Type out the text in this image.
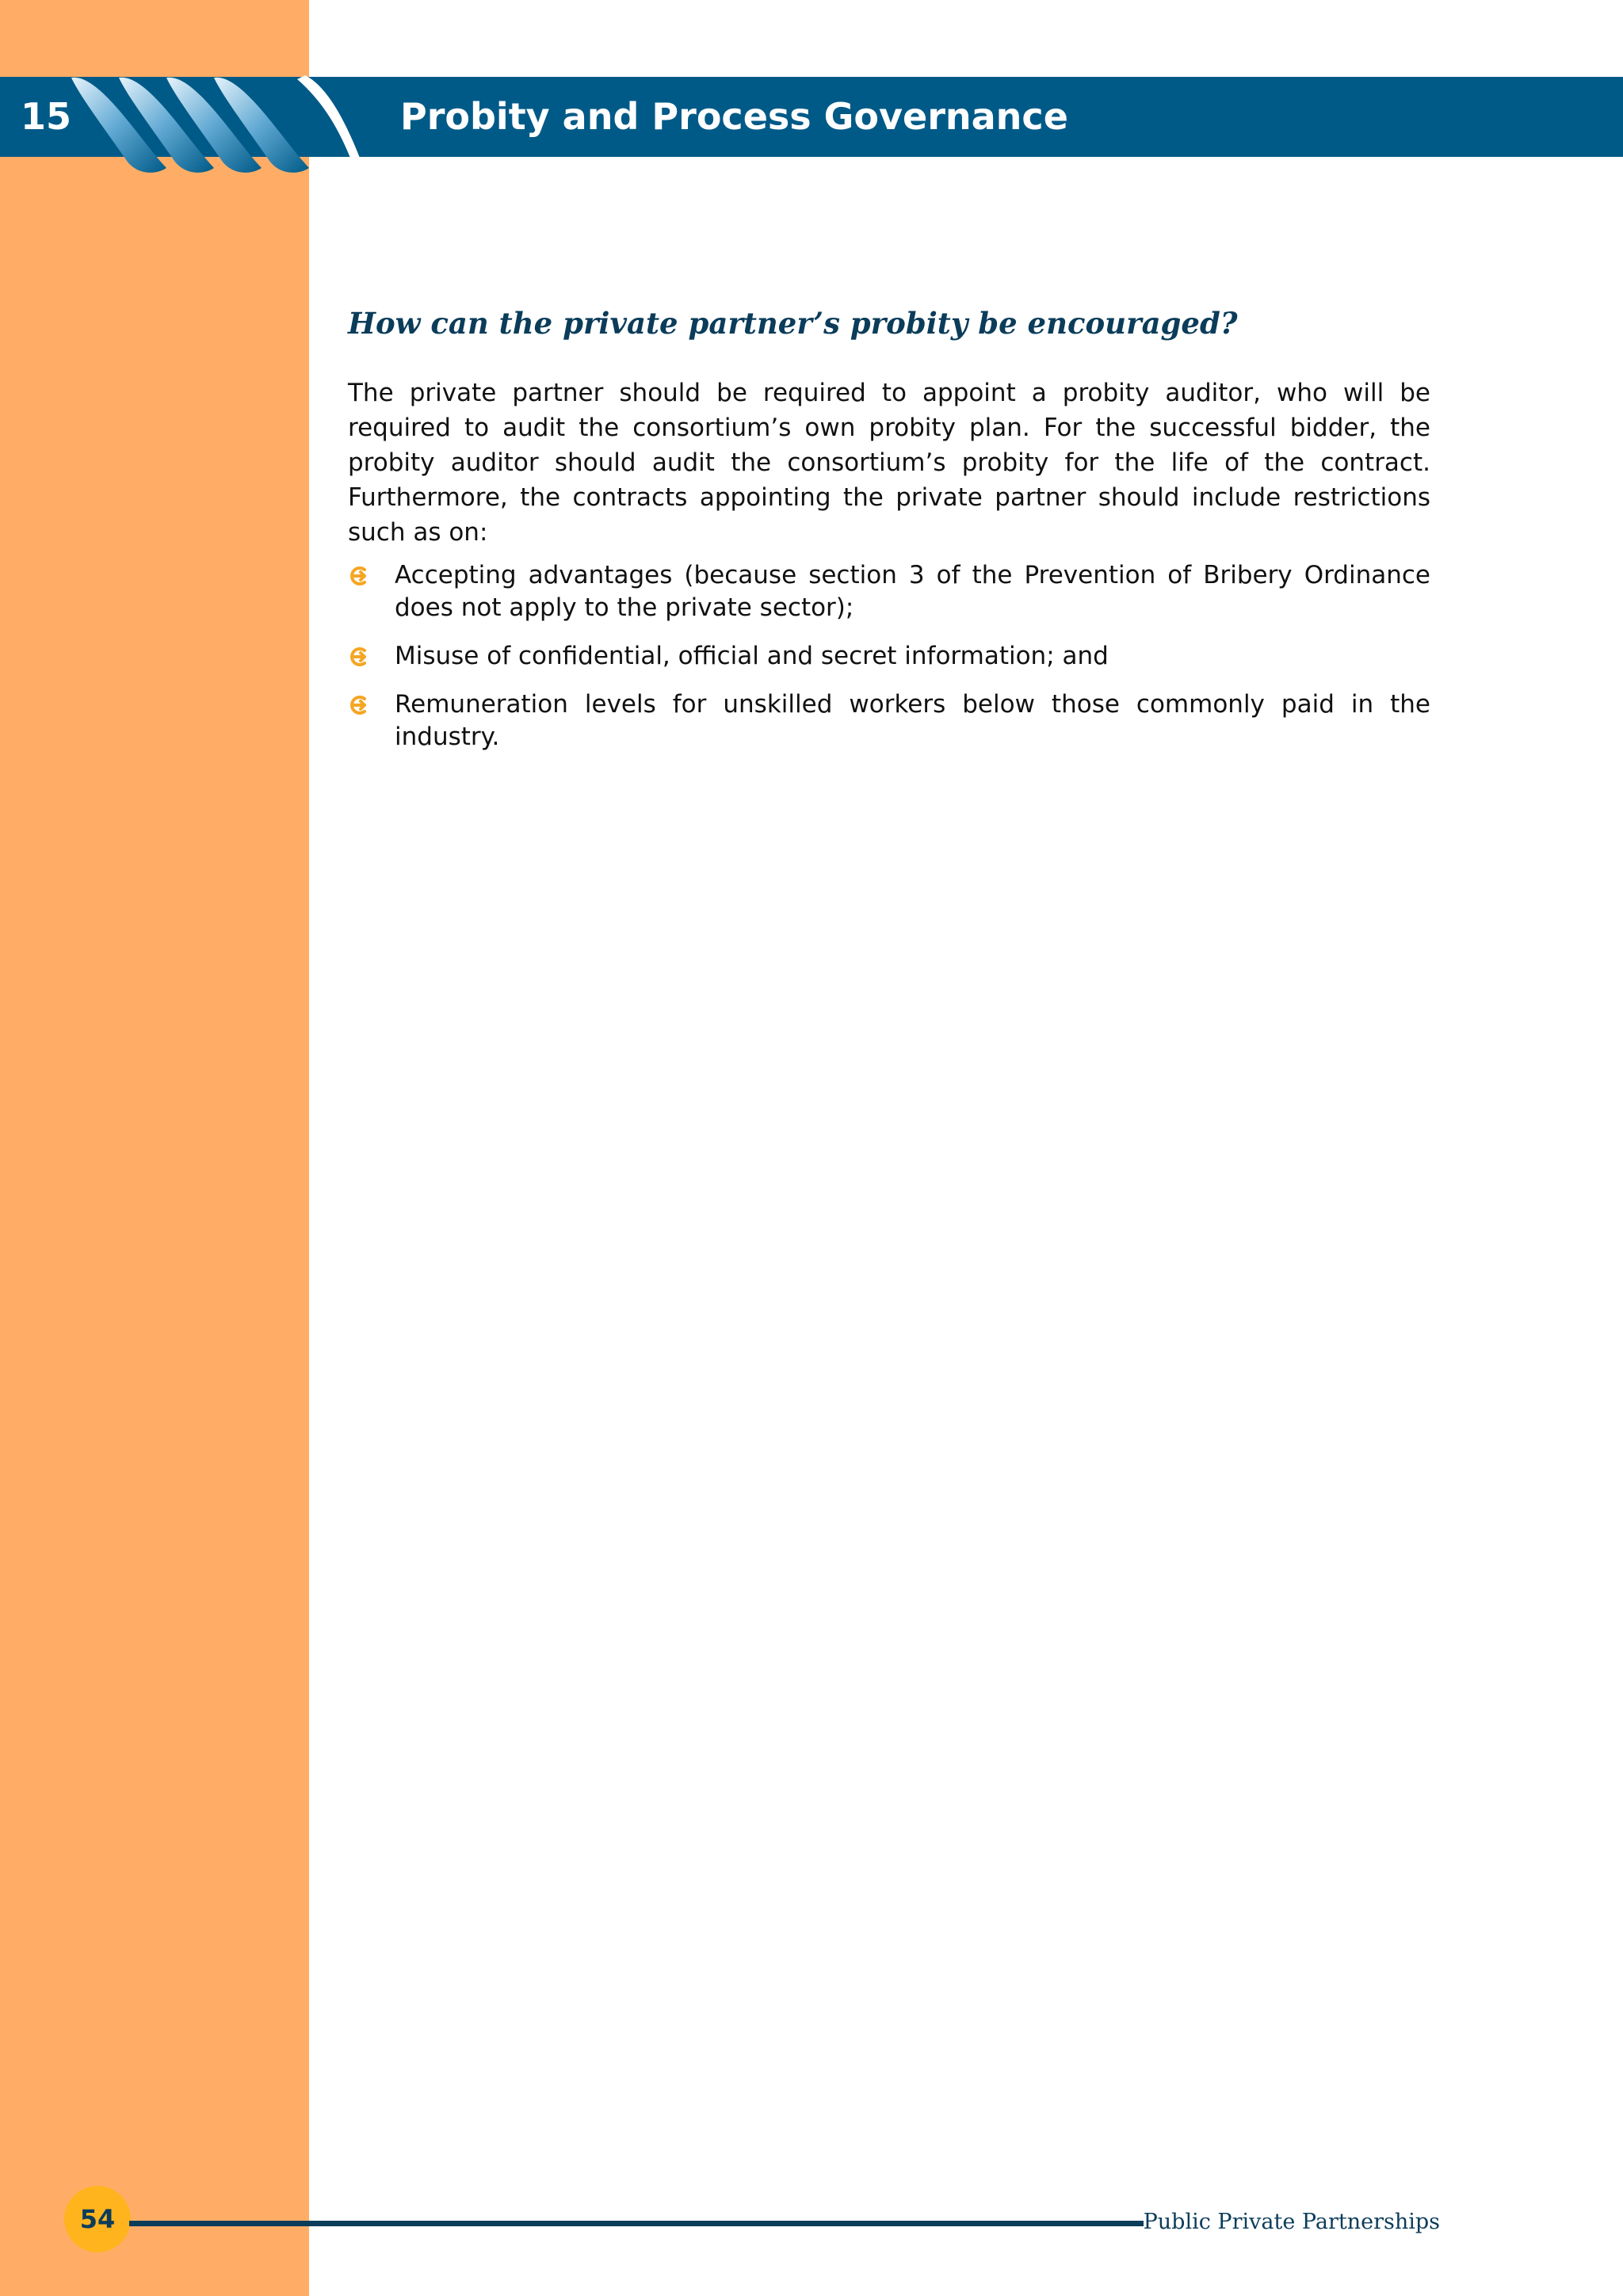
15	Probity and Process Governance
How can the private partner’s probity be encouraged?

The private partner should be required to appoint a probity auditor, who will be required to audit the consortium’s own probity plan. For the successful bidder, the probity auditor should audit the consortium’s probity for the life of the contract. Furthermore, the contracts appointing the private partner should include restrictions such as on:

Accepting advantages (because section 3 of the Prevention of Bribery Ordinance does not apply to the private sector);
Misuse of confidential, official and secret information; and
Remuneration levels for unskilled workers below those commonly paid in the industry.
54	Public Private Partnerships
